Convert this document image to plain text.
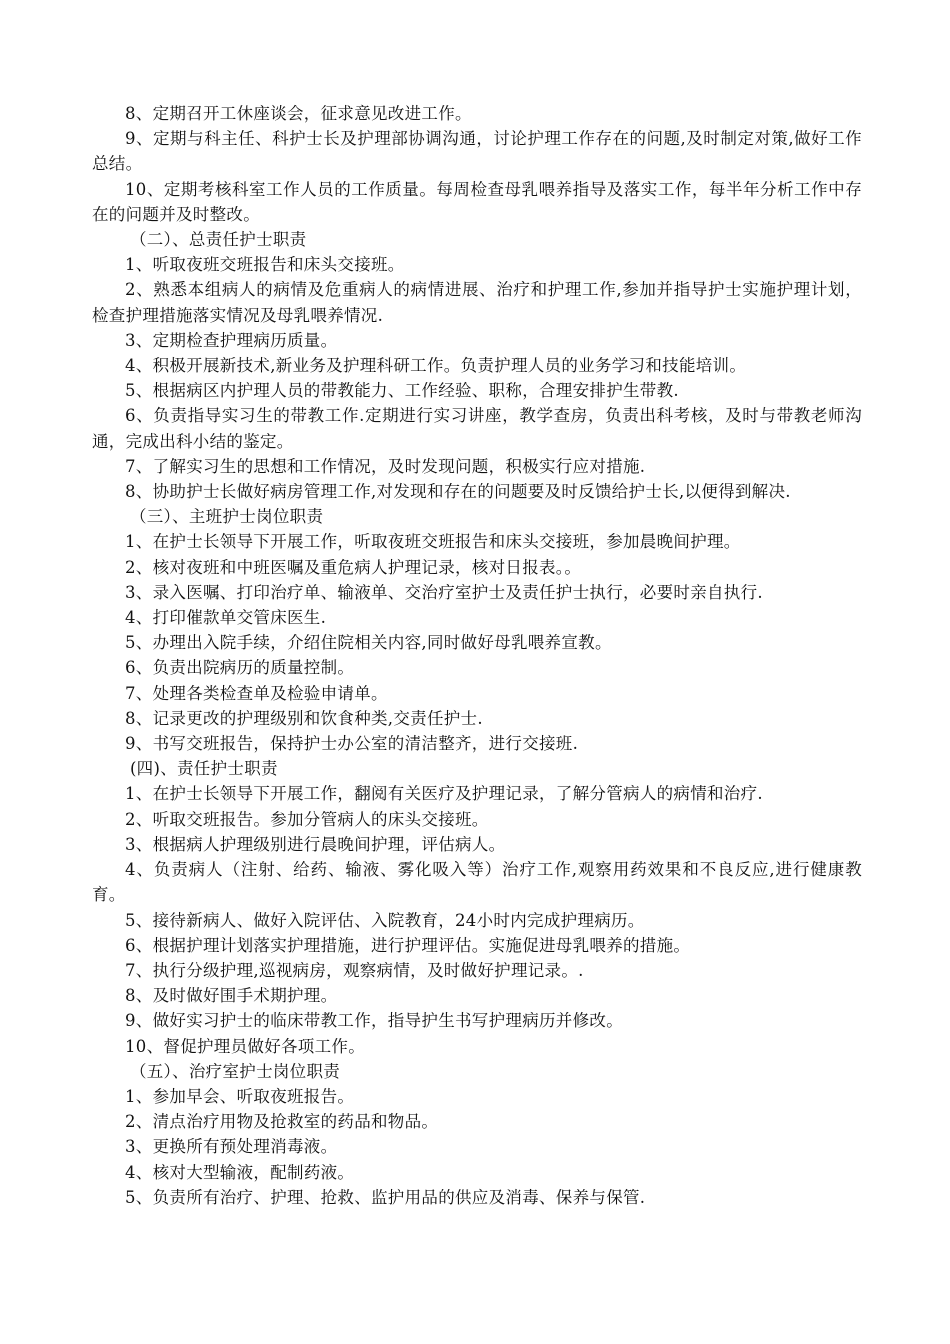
8、定期召开工休座谈会，征求意见改进工作。

9、定期与科主任、科护士长及护理部协调沟通，讨论护理工作存在的问题,及时制定对策,做好工作总结。

10、定期考核科室工作人员的工作质量。每周检查母乳喂养指导及落实工作，每半年分析工作中存在的问题并及时整改。

（二）、总责任护士职责

1、听取夜班交班报告和床头交接班。

2、熟悉本组病人的病情及危重病人的病情进展、治疗和护理工作,参加并指导护士实施护理计划，检查护理措施落实情况及母乳喂养情况.

3、定期检查护理病历质量。

4、积极开展新技术,新业务及护理科研工作。负责护理人员的业务学习和技能培训。

5、根据病区内护理人员的带教能力、工作经验、职称，合理安排护生带教.

6、负责指导实习生的带教工作.定期进行实习讲座，教学查房，负责出科考核，及时与带教老师沟通，完成出科小结的鉴定。

7、了解实习生的思想和工作情况，及时发现问题，积极实行应对措施.

8、协助护士长做好病房管理工作,对发现和存在的问题要及时反馈给护士长,以便得到解决.

（三）、主班护士岗位职责

1、在护士长领导下开展工作，听取夜班交班报告和床头交接班，参加晨晚间护理。

2、核对夜班和中班医嘱及重危病人护理记录，核对日报表。。

3、录入医嘱、打印治疗单、输液单、交治疗室护士及责任护士执行，必要时亲自执行.

4、打印催款单交管床医生.

5、办理出入院手续，介绍住院相关内容,同时做好母乳喂养宣教。

6、负责出院病历的质量控制。

7、处理各类检查单及检验申请单。

8、记录更改的护理级别和饮食种类,交责任护士.

9、书写交班报告，保持护士办公室的清洁整齐，进行交接班.

(四)、责任护士职责

1、在护士长领导下开展工作，翻阅有关医疗及护理记录，了解分管病人的病情和治疗.

2、听取交班报告。参加分管病人的床头交接班。

3、根据病人护理级别进行晨晚间护理，评估病人。

4、负责病人（注射、给药、输液、雾化吸入等）治疗工作,观察用药效果和不良反应,进行健康教育。

5、接待新病人、做好入院评估、入院教育，24小时内完成护理病历。

6、根据护理计划落实护理措施，进行护理评估。实施促进母乳喂养的措施。

7、执行分级护理,巡视病房，观察病情，及时做好护理记录。.

8、及时做好围手术期护理。

9、做好实习护士的临床带教工作，指导护生书写护理病历并修改。

10、督促护理员做好各项工作。

（五）、治疗室护士岗位职责

1、参加早会、听取夜班报告。

2、清点治疗用物及抢救室的药品和物品。

3、更换所有预处理消毒液。

4、核对大型输液，配制药液。

5、负责所有治疗、护理、抢救、监护用品的供应及消毒、保养与保管.
